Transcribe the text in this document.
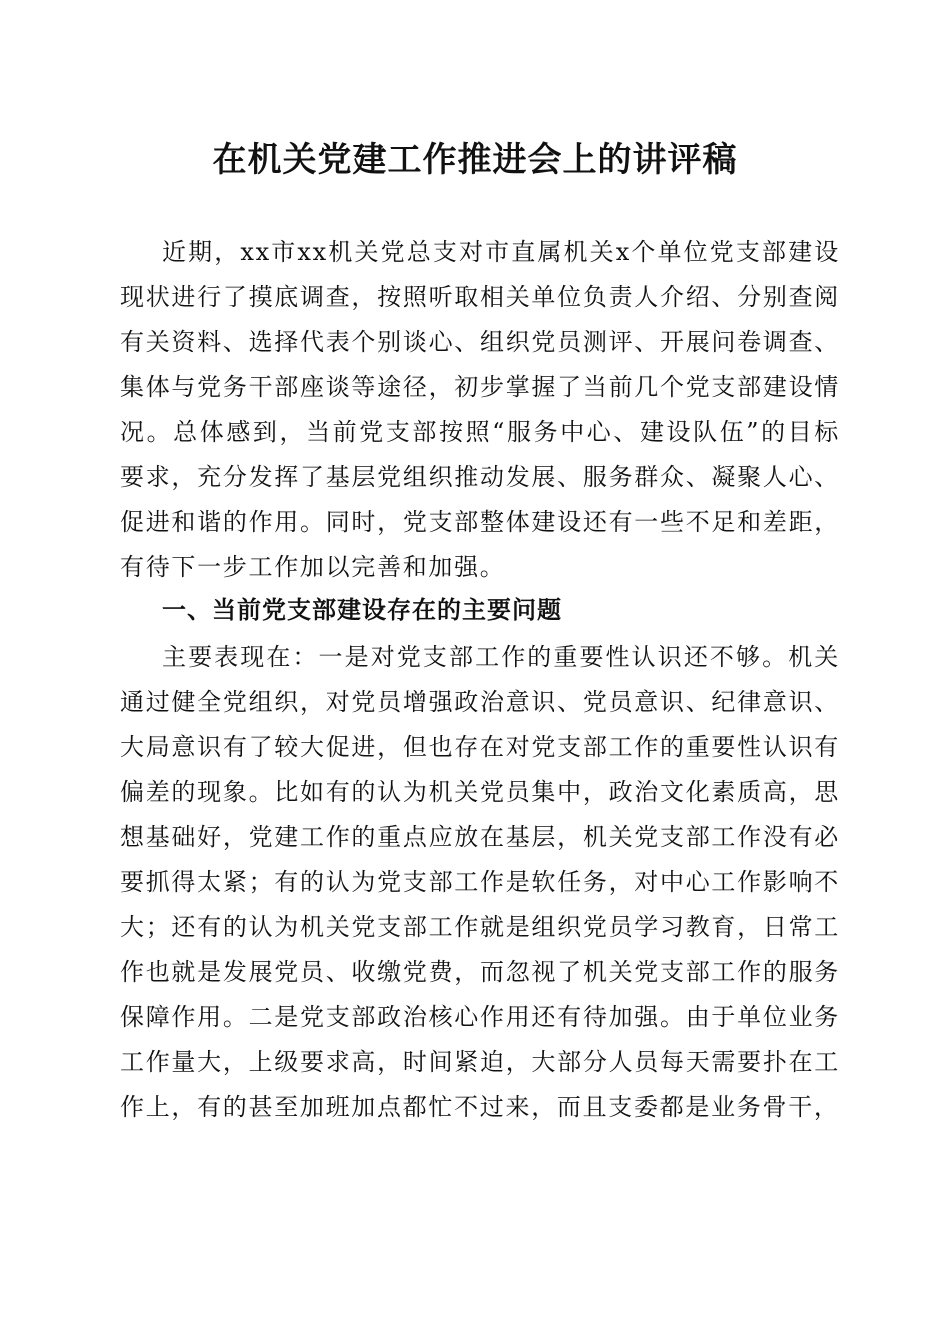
在机关党建工作推进会上的讲评稿

近期，xx市xx机关党总支对市直属机关x个单位党支部建设现状进行了摸底调查，按照听取相关单位负责人介绍、分别查阅有关资料、选择代表个别谈心、组织党员测评、开展问卷调查、集体与党务干部座谈等途径，初步掌握了当前几个党支部建设情况。总体感到，当前党支部按照“服务中心、建设队伍”的目标要求，充分发挥了基层党组织推动发展、服务群众、凝聚人心、促进和谐的作用。同时，党支部整体建设还有一些不足和差距，有待下一步工作加以完善和加强。

一、当前党支部建设存在的主要问题

主要表现在：一是对党支部工作的重要性认识还不够。机关通过健全党组织，对党员增强政治意识、党员意识、纪律意识、大局意识有了较大促进，但也存在对党支部工作的重要性认识有偏差的现象。比如有的认为机关党员集中，政治文化素质高，思想基础好，党建工作的重点应放在基层，机关党支部工作没有必要抓得太紧；有的认为党支部工作是软任务，对中心工作影响不大；还有的认为机关党支部工作就是组织党员学习教育，日常工作也就是发展党员、收缴党费，而忽视了机关党支部工作的服务保障作用。二是党支部政治核心作用还有待加强。由于单位业务工作量大，上级要求高，时间紧迫，大部分人员每天需要扑在工作上，有的甚至加班加点都忙不过来，而且支委都是业务骨干，
